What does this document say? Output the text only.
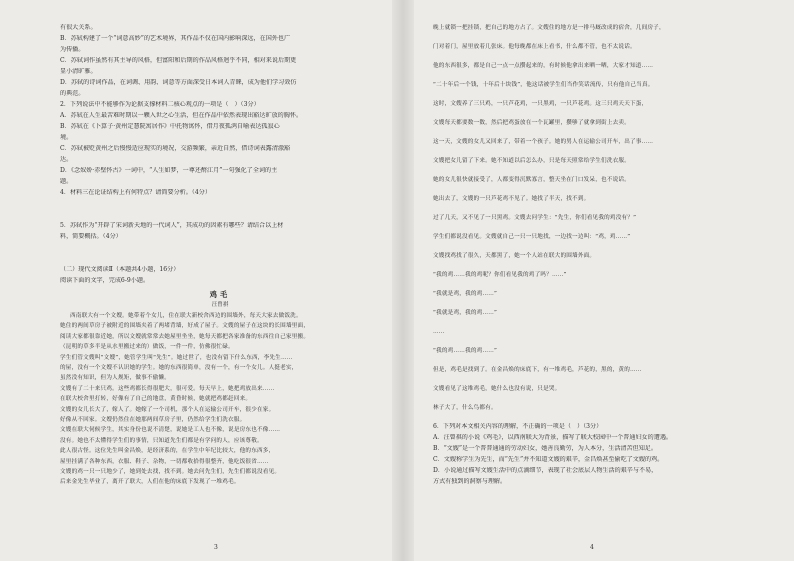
有很大关系。
B．苏轼构建了一个“词意高妙”的艺术境界，其作品不仅在国内影响深远，在国外也广
为传播。
C．苏轼词作虽然有其主导的风格，但富阳和后期的作品风格迥乎不同，相对来说后期更
显小清旷雅。
D．苏轼的诗词作品，在词调、用韵、词意等方面深受日本词人青睐，成为他们学习效仿
的典范。
2．下列说法中不能够作为论据支撑材料二核心观点的一项是（　）（3分）
A．苏轼在人生最苦难时期以一颗入世之心生活，但在作品中依然表现出豁达旷放的胸怀。
B．苏轼在《卜算子·黄州定慧院寓居作》中托物寓怀，借月夜孤鸿自喻表达孤寂心
境。
C．苏轼被贬黄州之后慢慢适应现实的境况，交游频繁，亲近自然，借诗词表露清澈豁
达。
D．《念奴娇·赤壁怀古》一词中，“人生如梦，一尊还酹江月”一句强化了全词的主
题。
4．材料三在论证结构上有何特点？请简要分析。（4分）
5．苏轼作为“开辟了宋词新天地的一代词人”，其成功的因素有哪些？请结合以上材
料，简要概括。（4分）
（二）现代文阅读Ⅱ（本题共4小题，16分）
阅读下面的文字，完成6-9小题。
鸡毛
汪曾祺
西南联大有一个文嫂。她带着个女儿，住在联大新校舍西边的围墙外，每天大家去做饭洗。
她住的两间草房子被附近的围墙夹着了两堵背墙，好成了屋子。文嫂的屋子在这块的长围墙里面，
阅读大家都很靠近她，所以文嫂就常常去她屋里坐坐，她每天都把各家准备的东西往自己家里搬。
（昆明的草多半是从水里搬过来的）做饭，一件一件，仿佛很忙碌。
学生们管文嫂叫“文嫂”，她管学生叫“先生”。她过世了，也没有留下什么东西，李先生……
的屋，没有一个文嫂不认识她的学生。她的东西很简单，没有一个，有一个女儿。人挺老实，
虽然没有知识，但为人规矩，做事不偷懒。
文嫂有了二十来只鸡。这些鸡都长得很肥大，很可爱。每天早上，她把鸡放出来……
在联大校舍里打转，好像有了自己的地盘，黄昏时候，她就把鸡都赶回来。
文嫂的女儿长大了，嫁人了。她嫁了一个司机，那个人在运输公司开车，很少在家。
好像从不回家。文嫂仍然住在她那两间草房子里，仍然给学生们洗衣服。
文嫂在联大伺候学生，其实身份也说不清楚，说她是工人也不像，说是房东也不像……
没有。她也不太懂得学生们的事情，只知道先生们都是有学问的人，应该尊敬。
此人很古怪。这位先生叫金昌焕，是经济系的，在学生中年纪比较大，他的东西多，
屋里挂满了各种东西，衣服、鞋子、杂物，一切都收拾得很整齐，他吃饭很省……
文嫂的鸡一只一只地少了，她到处去找，找不到。她去问先生们，先生们都说没看见。
后来金先生毕业了，离开了联大，人们在他的床底下发现了一堆鸡毛。
晚上就锁一把挂锁，把自己的地方占了。文嫂住的地方是一排马厩改成的宿舍，几间房子，
门对着门，屋里放着几张床。他每晚都在床上看书，什么都不管，也不太说话。
他的东西很多，都是自己一点一点攒起来的，有时候他拿出来晒一晒，大家才知道……
“二十年后一个钱，十年后十块钱”，他这话被学生们当作笑话流传，只有他自己当真。
这时，文嫂养了三只鸡，一只芦花鸡，一只黑鸡，一只芦花鸡。这三只鸡天天下蛋，
文嫂每天都要数一数，然后把鸡蛋放在一个瓦罐里，攒够了就拿到街上去卖。
这一天，文嫂的女儿又回来了，带着一个孩子。她的男人在运输公司开车，出了事……
文嫂把女儿留了下来。她不知道以后怎么办，只是每天照常给学生们洗衣服。
她的女儿很快就接受了，人都变得沉默寡言，整天坐在门口发呆，也不说话。
她出去了，文嫂的一只芦花鸡不见了。她找了半天，找不到。
过了几天，又不见了一只黑鸡。文嫂去问学生：“先生，你们看见我的鸡没有？”
学生们都说没看见。文嫂就自己一只一只地找，一边找一边叫：“鸡，鸡……”
文嫂找鸡找了很久，天都黑了，她一个人站在联大的围墙外面。
“我的鸡……我的鸡呢？你们看见我的鸡了吗？……”
“我就是鸡，我的鸡……”
“我就是鸡，我的鸡……”
……
“我的鸡……我的鸡……”
但是，鸡毛是找到了。在金昌焕的床底下，有一堆鸡毛，芦花的，黑的，黄的……
文嫂看见了这堆鸡毛，她什么也没有说，只是哭。
林子大了，什么鸟都有。
6．下列对本文相关内容的理解，不正确的一项是（　）（3分）
A．汪曾祺的小说《鸡毛》，以西南联大为背景，描写了联大校园中一个普通妇女的遭遇。
B．“文嫂”是一个普普通通的劳动妇女，她善良勤劳，为人本分，生活清苦但知足。
C．文嫂称学生为先生，而“先生”并不知道文嫂的艰辛，金昌焕甚至偷吃了文嫂的鸡。
D．小说通过描写文嫂生活中的点滴细节，表现了社会底层人物生活的艰辛与不易，
方式有独到的洞察与理解。
3	4
